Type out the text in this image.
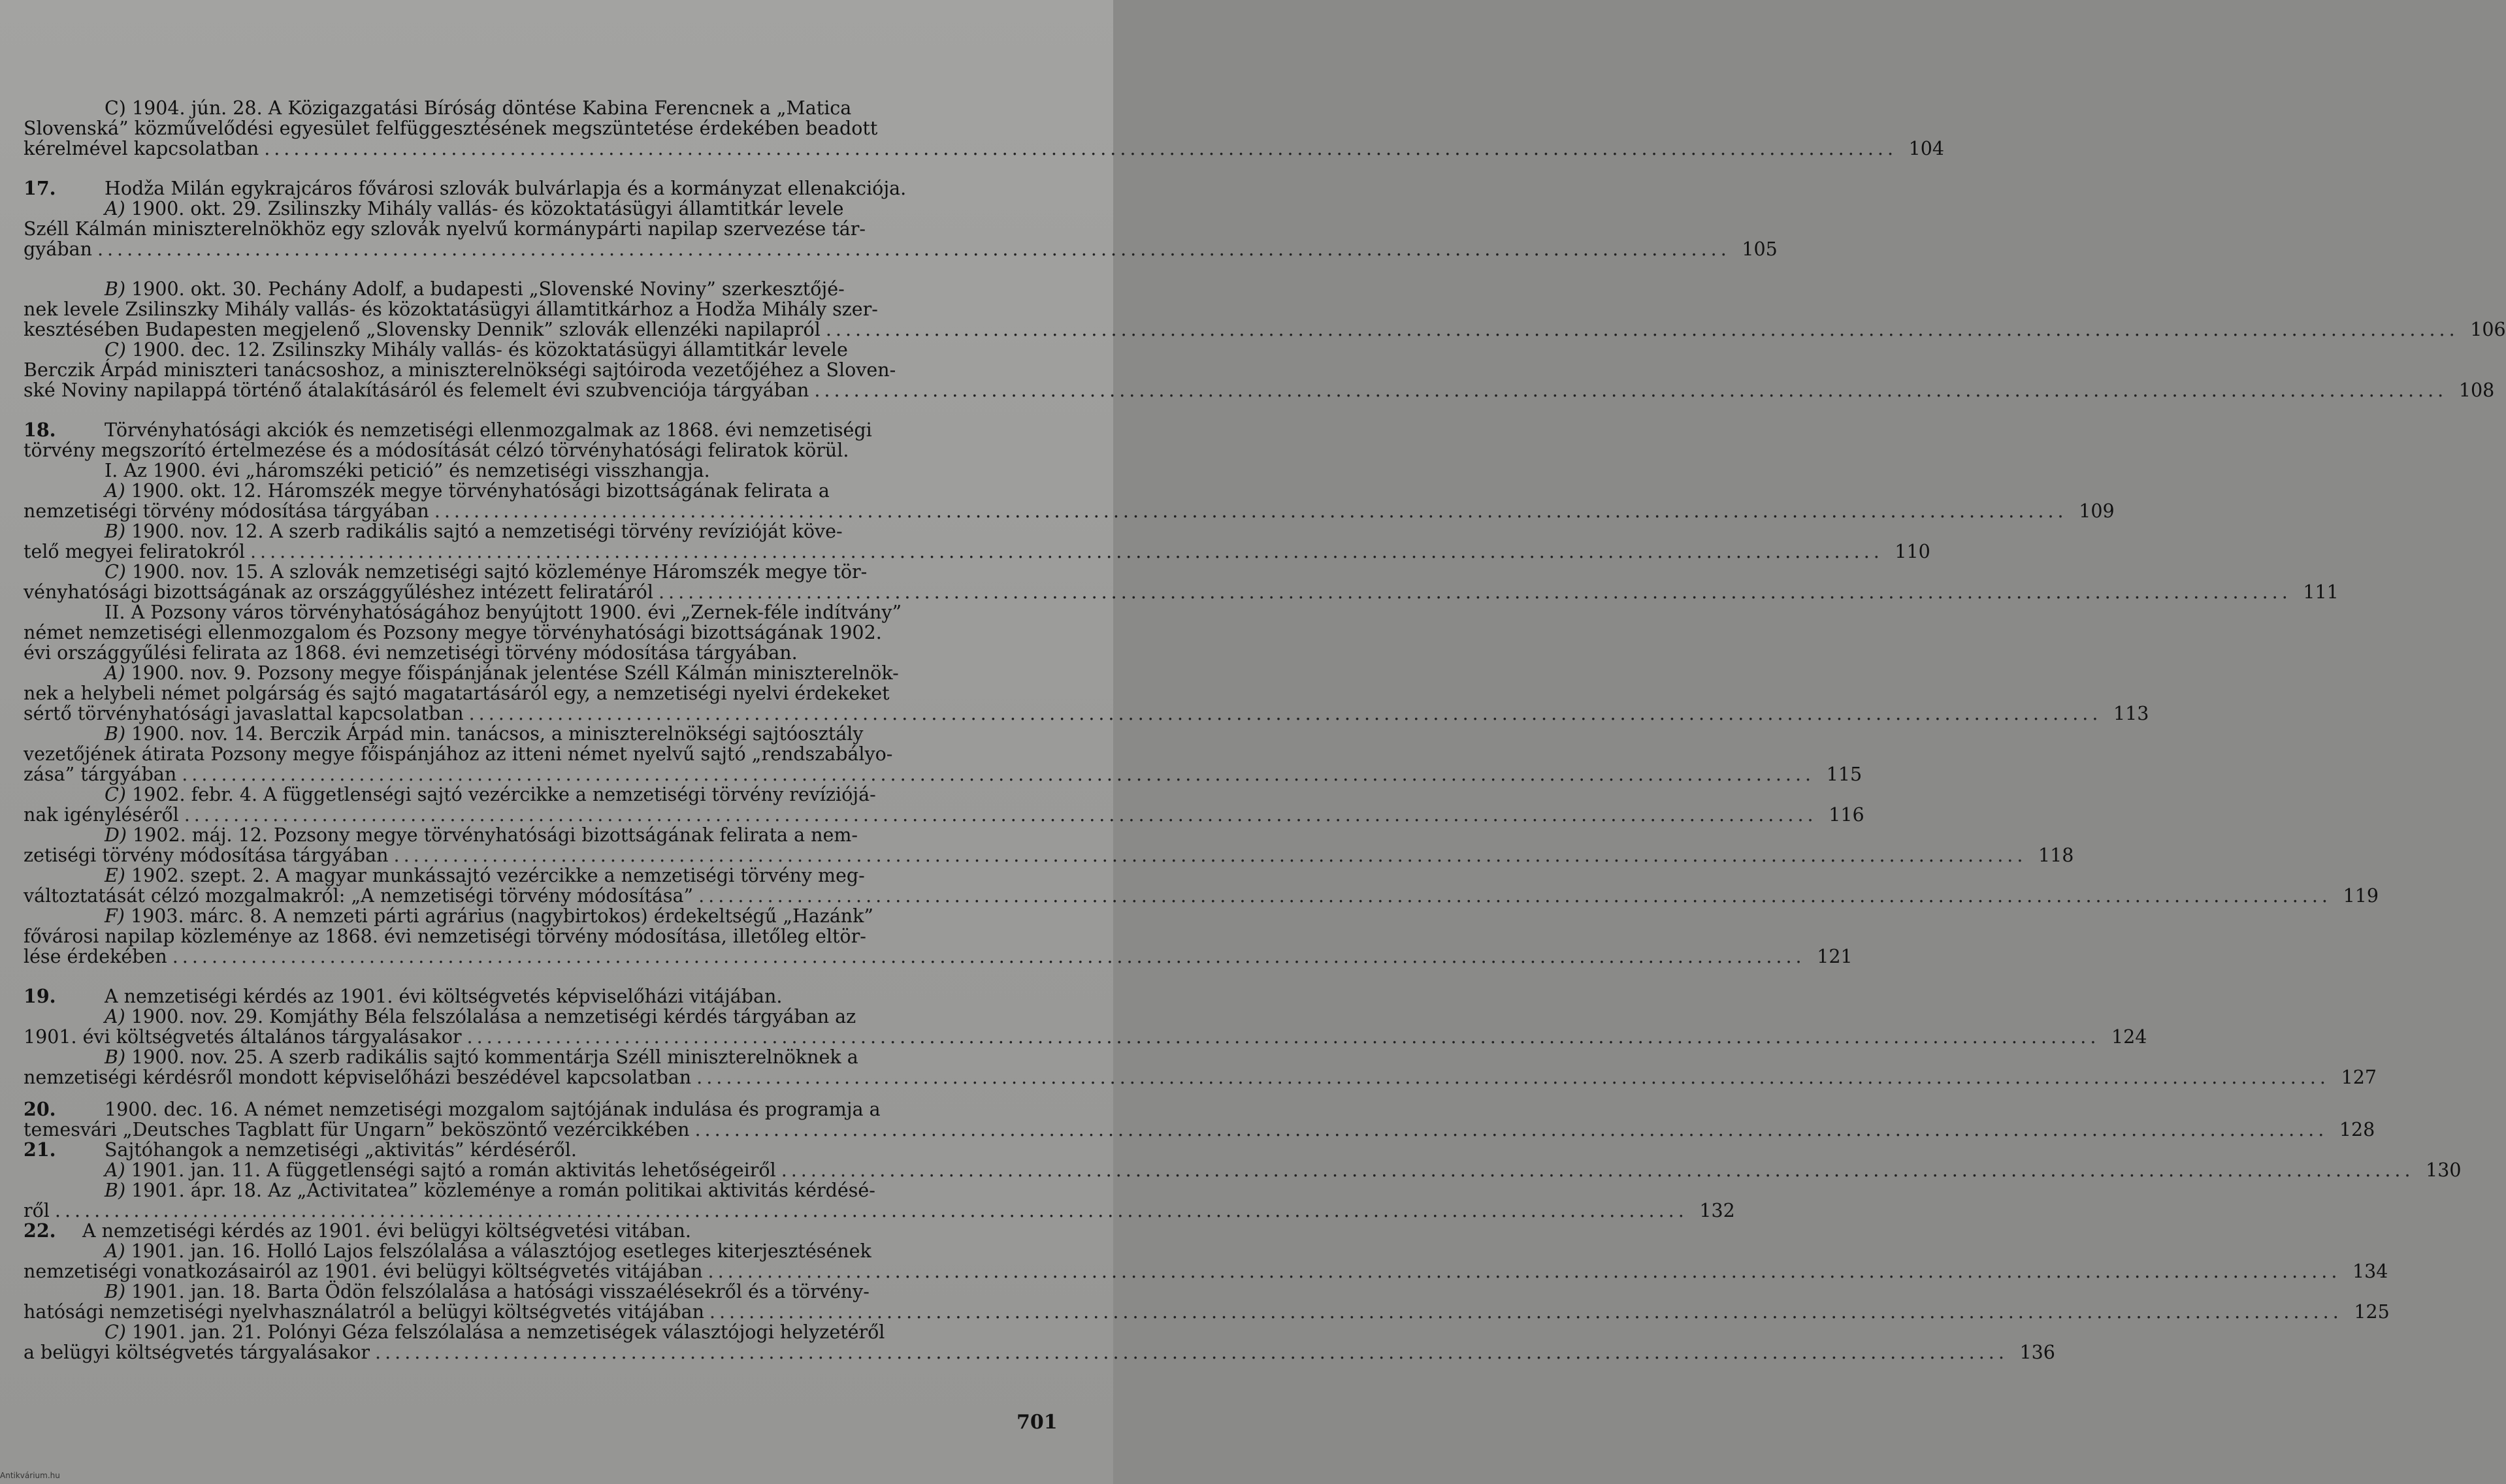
C) 1904. jún. 28. A Közigazgatási Bíróság döntése Kabina Ferencnek a „Matica

Slovenská” közművelődési egyesület felfüggesztésének megszüntetése érdekében beadott

kérelmével kapcsolatban ...................................................................................................................................................................... 104

17.	Hodža Milán egykrajcáros fővárosi szlovák bulvárlapja és a kormányzat ellenakciója.

A) 1900. okt. 29. Zsilinszky Mihály vallás- és közoktatásügyi államtitkár levele

Széll Kálmán miniszterelnökhöz egy szlovák nyelvű kormánypárti napilap szervezése tár-

gyában ...................................................................................................................................................................... 105

B) 1900. okt. 30. Pechány Adolf, a budapesti „Slovenské Noviny” szerkesztőjé-

nek levele Zsilinszky Mihály vallás- és közoktatásügyi államtitkárhoz a Hodža Mihály szer-

kesztésében Budapesten megjelenő „Slovensky Dennik” szlovák ellenzéki napilapról ...................................................................................................................................................................... 106

C) 1900. dec. 12. Zsilinszky Mihály vallás- és közoktatásügyi államtitkár levele

Berczik Árpád miniszteri tanácsoshoz, a miniszterelnökségi sajtóiroda vezetőjéhez a Sloven-

ské Noviny napilappá történő átalakításáról és felemelt évi szubvenciója tárgyában ...................................................................................................................................................................... 108

18.	Törvényhatósági akciók és nemzetiségi ellenmozgalmak az 1868. évi nemzetiségi

törvény megszorító értelmezése és a módosítását célzó törvényhatósági feliratok körül.

I. Az 1900. évi „háromszéki petició” és nemzetiségi visszhangja.

A) 1900. okt. 12. Háromszék megye törvényhatósági bizottságának felirata a

nemzetiségi törvény módosítása tárgyában ...................................................................................................................................................................... 109

B) 1900. nov. 12. A szerb radikális sajtó a nemzetiségi törvény revízióját köve-

telő megyei feliratokról ...................................................................................................................................................................... 110

C) 1900. nov. 15. A szlovák nemzetiségi sajtó közleménye Háromszék megye tör-

vényhatósági bizottságának az országgyűléshez intézett feliratáról ...................................................................................................................................................................... 111

II. A Pozsony város törvényhatóságához benyújtott 1900. évi „Zernek-féle indítvány”

német nemzetiségi ellenmozgalom és Pozsony megye törvényhatósági bizottságának 1902.

évi országgyűlési felirata az 1868. évi nemzetiségi törvény módosítása tárgyában.

A) 1900. nov. 9. Pozsony megye főispánjának jelentése Széll Kálmán miniszterelnök-

nek a helybeli német polgárság és sajtó magatartásáról egy, a nemzetiségi nyelvi érdekeket

sértő törvényhatósági javaslattal kapcsolatban ...................................................................................................................................................................... 113

B) 1900. nov. 14. Berczik Árpád min. tanácsos, a miniszterelnökségi sajtóosztály

vezetőjének átirata Pozsony megye főispánjához az itteni német nyelvű sajtó „rendszabályo-

zása” tárgyában ...................................................................................................................................................................... 115

C) 1902. febr. 4. A függetlenségi sajtó vezércikke a nemzetiségi törvény revíziójá-

nak igényléséről ...................................................................................................................................................................... 116

D) 1902. máj. 12. Pozsony megye törvényhatósági bizottságának felirata a nem-

zetiségi törvény módosítása tárgyában ...................................................................................................................................................................... 118

E) 1902. szept. 2. A magyar munkássajtó vezércikke a nemzetiségi törvény meg-

változtatását célzó mozgalmakról: „A nemzetiségi törvény módosítása” ...................................................................................................................................................................... 119

F) 1903. márc. 8. A nemzeti párti agrárius (nagybirtokos) érdekeltségű „Hazánk”

fővárosi napilap közleménye az 1868. évi nemzetiségi törvény módosítása, illetőleg eltör-

lése érdekében ...................................................................................................................................................................... 121

19.	A nemzetiségi kérdés az 1901. évi költségvetés képviselőházi vitájában.

A) 1900. nov. 29. Komjáthy Béla felszólalása a nemzetiségi kérdés tárgyában az

1901. évi költségvetés általános tárgyalásakor ...................................................................................................................................................................... 124

B) 1900. nov. 25. A szerb radikális sajtó kommentárja Széll miniszterelnöknek a

nemzetiségi kérdésről mondott képviselőházi beszédével kapcsolatban ...................................................................................................................................................................... 127

20.	1900. dec. 16. A német nemzetiségi mozgalom sajtójának indulása és programja a

temesvári „Deutsches Tagblatt für Ungarn” beköszöntő vezércikkében ...................................................................................................................................................................... 128

21.	Sajtóhangok a nemzetiségi „aktivitás” kérdéséről.

A) 1901. jan. 11. A függetlenségi sajtó a román aktivitás lehetőségeiről ...................................................................................................................................................................... 130

B) 1901. ápr. 18. Az „Activitatea” közleménye a román politikai aktivitás kérdésé-

ről ...................................................................................................................................................................... 132

22. A nemzetiségi kérdés az 1901. évi belügyi költségvetési vitában.

A) 1901. jan. 16. Holló Lajos felszólalása a választójog esetleges kiterjesztésének

nemzetiségi vonatkozásairól az 1901. évi belügyi költségvetés vitájában ...................................................................................................................................................................... 134

B) 1901. jan. 18. Barta Ödön felszólalása a hatósági visszaélésekről és a törvény-

hatósági nemzetiségi nyelvhasználatról a belügyi költségvetés vitájában ...................................................................................................................................................................... 125

C) 1901. jan. 21. Polónyi Géza felszólalása a nemzetiségek választójogi helyzetéről

a belügyi költségvetés tárgyalásakor ...................................................................................................................................................................... 136
701
Antikvárium.hu
